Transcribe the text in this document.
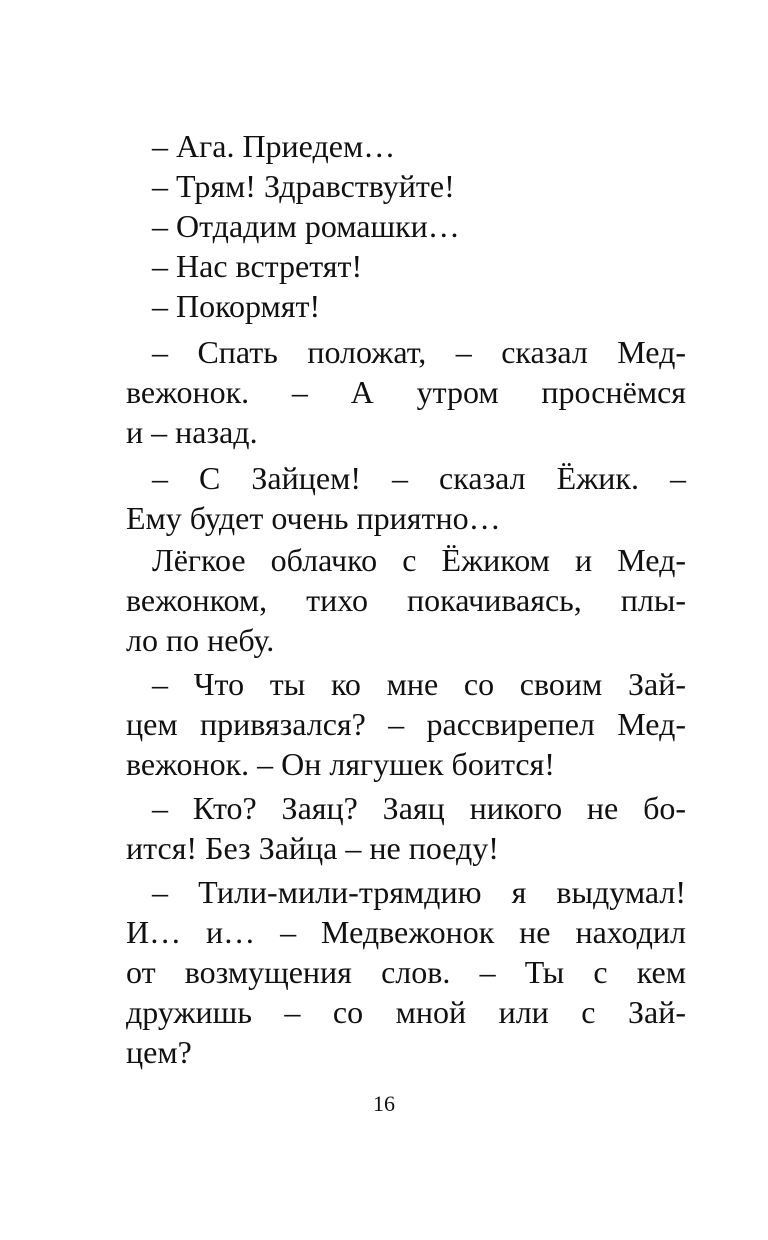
– Ага. Приедем…
– Трям! Здравствуйте!
– Отдадим ромашки…
– Нас встретят!
– Покормят!
– Спать положат, – сказал Мед-
вежонок. – А утром проснёмся
и – назад.
– С Зайцем! – сказал Ёжик. –
Ему будет очень приятно…
Лёгкое облачко с Ёжиком и Мед-
вежонком, тихо покачиваясь, плы-
ло по небу.
– Что ты ко мне со своим Зай-
цем привязался? – рассвирепел Мед-
вежонок. – Он лягушек боится!
– Кто? Заяц? Заяц никого не бо-
ится! Без Зайца – не поеду!
– Тили-мили-трямдию я выдумал!
И… и… – Медвежонок не находил
от возмущения слов. – Ты с кем
дружишь – со мной или с Зай-
цем?
16
